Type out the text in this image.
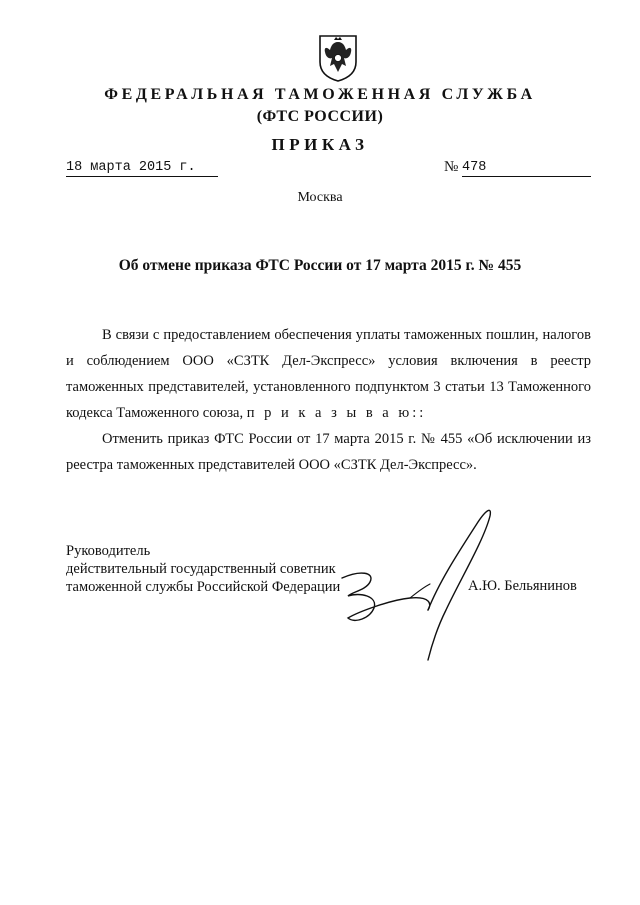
ФЕДЕРАЛЬНАЯ ТАМОЖЕННАЯ СЛУЖБА
(ФТС РОССИИ)
ПРИКАЗ
18 марта 2015 г.	№ 478
Москва
Об отмене приказа ФТС России от 17 марта 2015 г. № 455

В связи с предоставлением обеспечения уплаты таможенных пошлин, налогов и соблюдением ООО «СЗТК Дел-Экспресс» условия включения в реестр таможенных представителей, установленного подпунктом 3 статьи 13 Таможенного кодекса Таможенного союза, п р и к а з ы в а ю::

Отменить приказ ФТС России от 17 марта 2015 г. № 455 «Об исключении из реестра таможенных представителей ООО «СЗТК Дел-Экспресс».

Руководитель
действительный государственный советник
таможенной службы Российской Федерации	А.Ю. Бельянинов
